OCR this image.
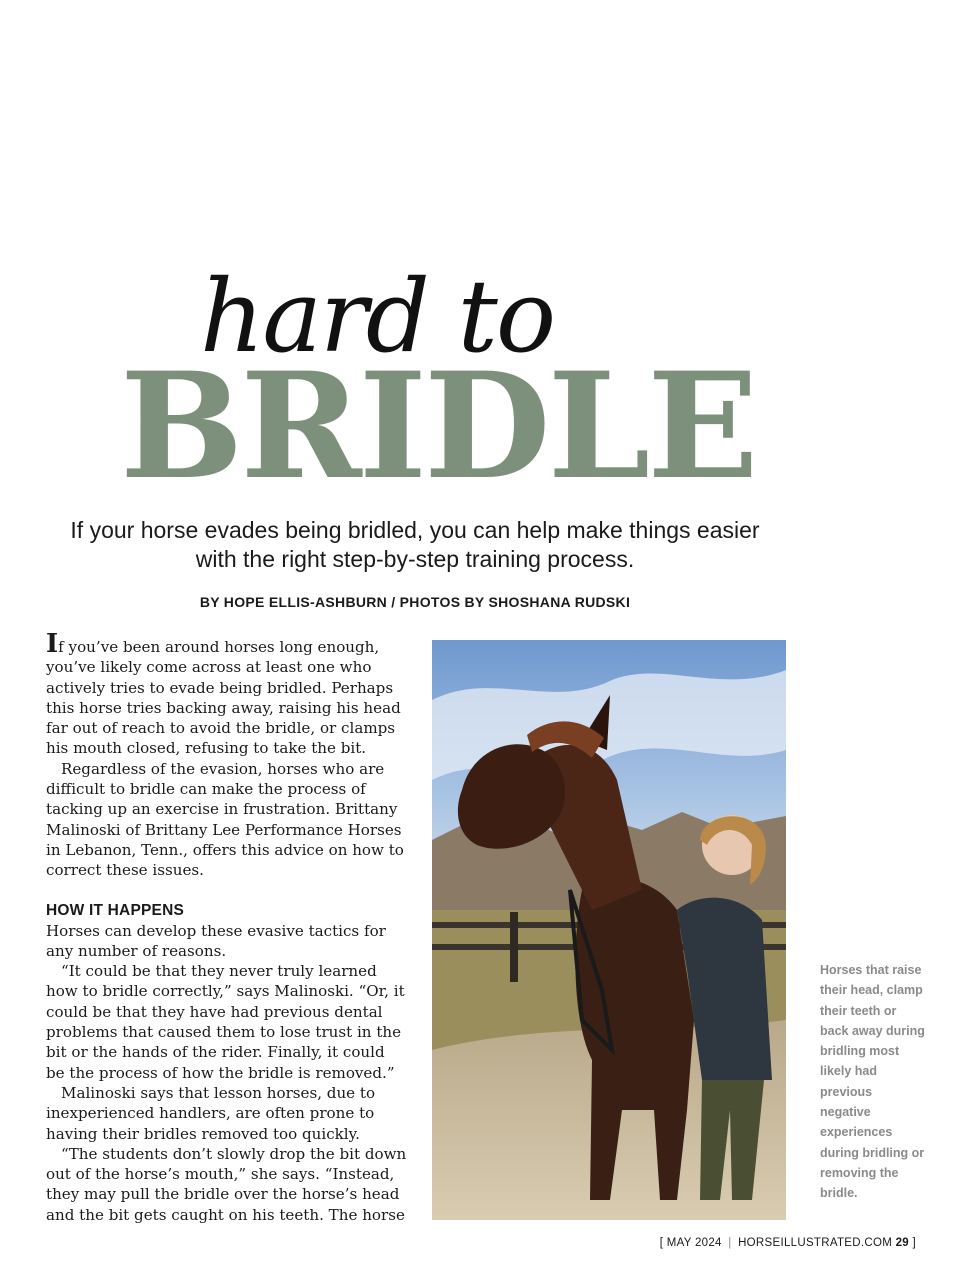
hard to
BRIDLE
If your horse evades being bridled, you can help make things easier with the right step-by-step training process.
BY HOPE ELLIS-ASHBURN / PHOTOS BY SHOSHANA RUDSKI

If you’ve been around horses long enough, you’ve likely come across at least one who actively tries to evade being bridled. Perhaps this horse tries backing away, raising his head far out of reach to avoid the bridle, or clamps his mouth closed, refusing to take the bit.

Regardless of the evasion, horses who are difficult to bridle can make the process of tacking up an exercise in frustration. Brittany Malinoski of Brittany Lee Performance Horses in Lebanon, Tenn., offers this advice on how to correct these issues.

HOW IT HAPPENS

Horses can develop these evasive tactics for any number of reasons.

“It could be that they never truly learned how to bridle correctly,” says Malinoski. “Or, it could be that they have had previous dental problems that caused them to lose trust in the bit or the hands of the rider. Finally, it could be the process of how the bridle is removed.”

Malinoski says that lesson horses, due to inexperienced handlers, are often prone to having their bridles removed too quickly.

“The students don’t slowly drop the bit down out of the horse’s mouth,” she says. “Instead, they may pull the bridle over the horse’s head and the bit gets caught on his teeth. The horse

Horses that raise their head, clamp their teeth or back away during bridling most likely had previous negative experiences during bridling or removing the bridle.
[ MAY 2024 | HORSEILLUSTRATED.COM 29 ]
